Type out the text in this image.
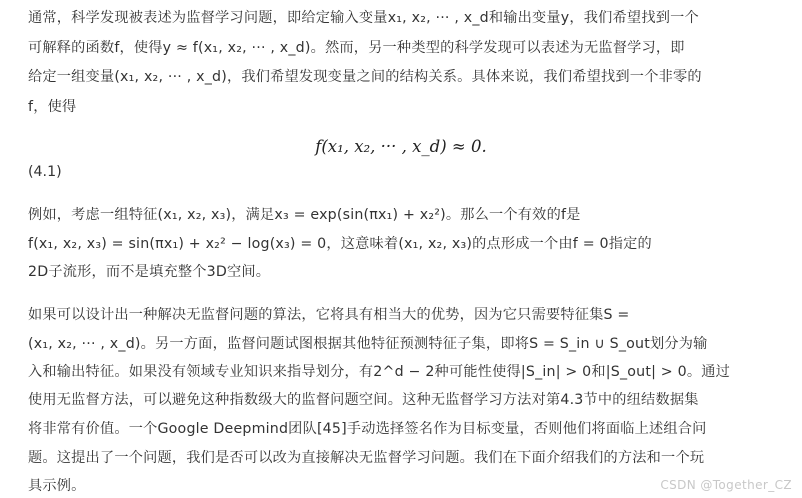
通常，科学发现被表述为监督学习问题，即给定输入变量x₁, x₂, ··· , x_d和输出变量y，我们希望找到一个
可解释的函数f，使得y ≈ f(x₁, x₂, ··· , x_d)。然而，另一种类型的科学发现可以表述为无监督学习，即
给定一组变量(x₁, x₂, ··· , x_d)，我们希望发现变量之间的结构关系。具体来说，我们希望找到一个非零的
f，使得
f(x₁, x₂, ··· , x_d) ≈ 0.
(4.1)
例如，考虑一组特征(x₁, x₂, x₃)，满足x₃ = exp(sin(πx₁) + x₂²)。那么一个有效的f是
f(x₁, x₂, x₃) = sin(πx₁) + x₂² − log(x₃) = 0，这意味着(x₁, x₂, x₃)的点形成一个由f = 0指定的
2D子流形，而不是填充整个3D空间。
如果可以设计出一种解决无监督问题的算法，它将具有相当大的优势，因为它只需要特征集S =
(x₁, x₂, ··· , x_d)。另一方面，监督问题试图根据其他特征预测特征子集，即将S = S_in ∪ S_out划分为输
入和输出特征。如果没有领域专业知识来指导划分，有2^d − 2种可能性使得|S_in| > 0和|S_out| > 0。通过
使用无监督方法，可以避免这种指数级大的监督问题空间。这种无监督学习方法对第4.3节中的纽结数据集
将非常有价值。一个Google Deepmind团队[45]手动选择签名作为目标变量，否则他们将面临上述组合问
题。这提出了一个问题，我们是否可以改为直接解决无监督学习问题。我们在下面介绍我们的方法和一个玩
具示例。	CSDN @Together_CZ
